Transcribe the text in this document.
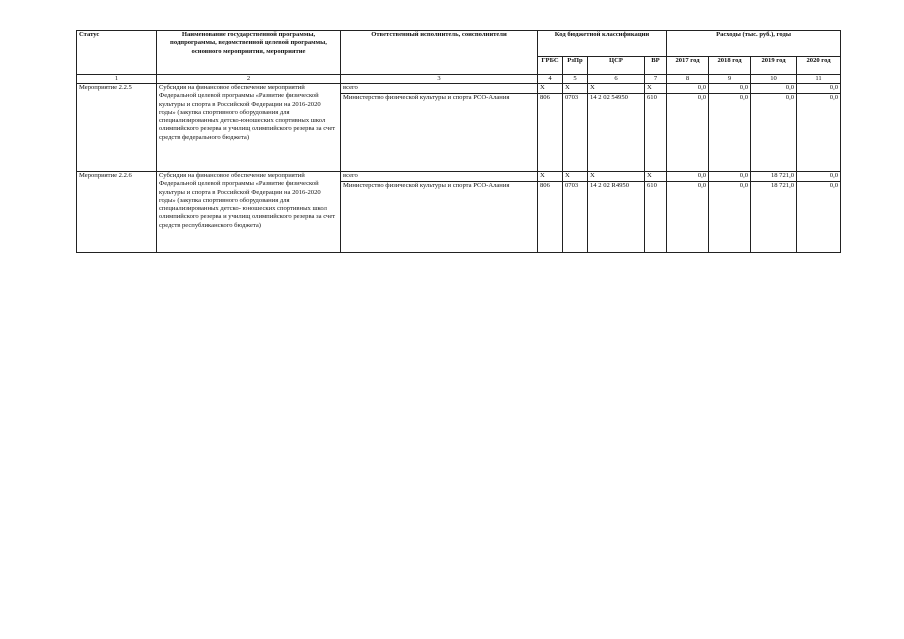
Статус	Наименование государственной программы, подпрограммы, ведомственной целевой программы, основного мероприятия, мероприятие	Ответственный исполнитель, соисполнители	Код бюджетной классификации				Расходы (тыс. руб.), годы			
			ГРБС	РзПр	ЦСР	ВР	2017 год	2018 год	2019 год	2020 год
1	2	3	4	5	6	7	8	9	10	11
Мероприятие 2.2.5	Субсидия на финансовое обеспечение мероприятий Федеральной целевой программы «Развитие физической культуры и спорта в Российской Федерации на 2016-2020 годы» (закупка спортивного оборудования для специализированных детско-юношеских спортивных школ олимпийского резерва и училищ олимпийского резерва за счет средств федерального бюджета)	всего	Х	Х	Х	Х	0,0	0,0	0,0	0,0
		Министерство физической культуры и спорта РСО-Алания	806	0703	14 2 02 54950	610	0,0	0,0	0,0	0,0
Мероприятие 2.2.6	Субсидия на финансовое обеспечение мероприятий Федеральной целевой программы «Развитие физической культуры и спорта в Российской Федерации на 2016-2020 годы» (закупка спортивного оборудования для специализированных детско- юношеских спортивных школ олимпийского резерва и училищ олимпийского резерва за счет средств республиканского бюджета)	всего	Х	Х	Х	Х	0,0	0,0	18 721,0	0,0
		Министерство физической культуры и спорта РСО-Алания	806	0703	14 2 02 R4950	610	0,0	0,0	18 721,0	0,0
